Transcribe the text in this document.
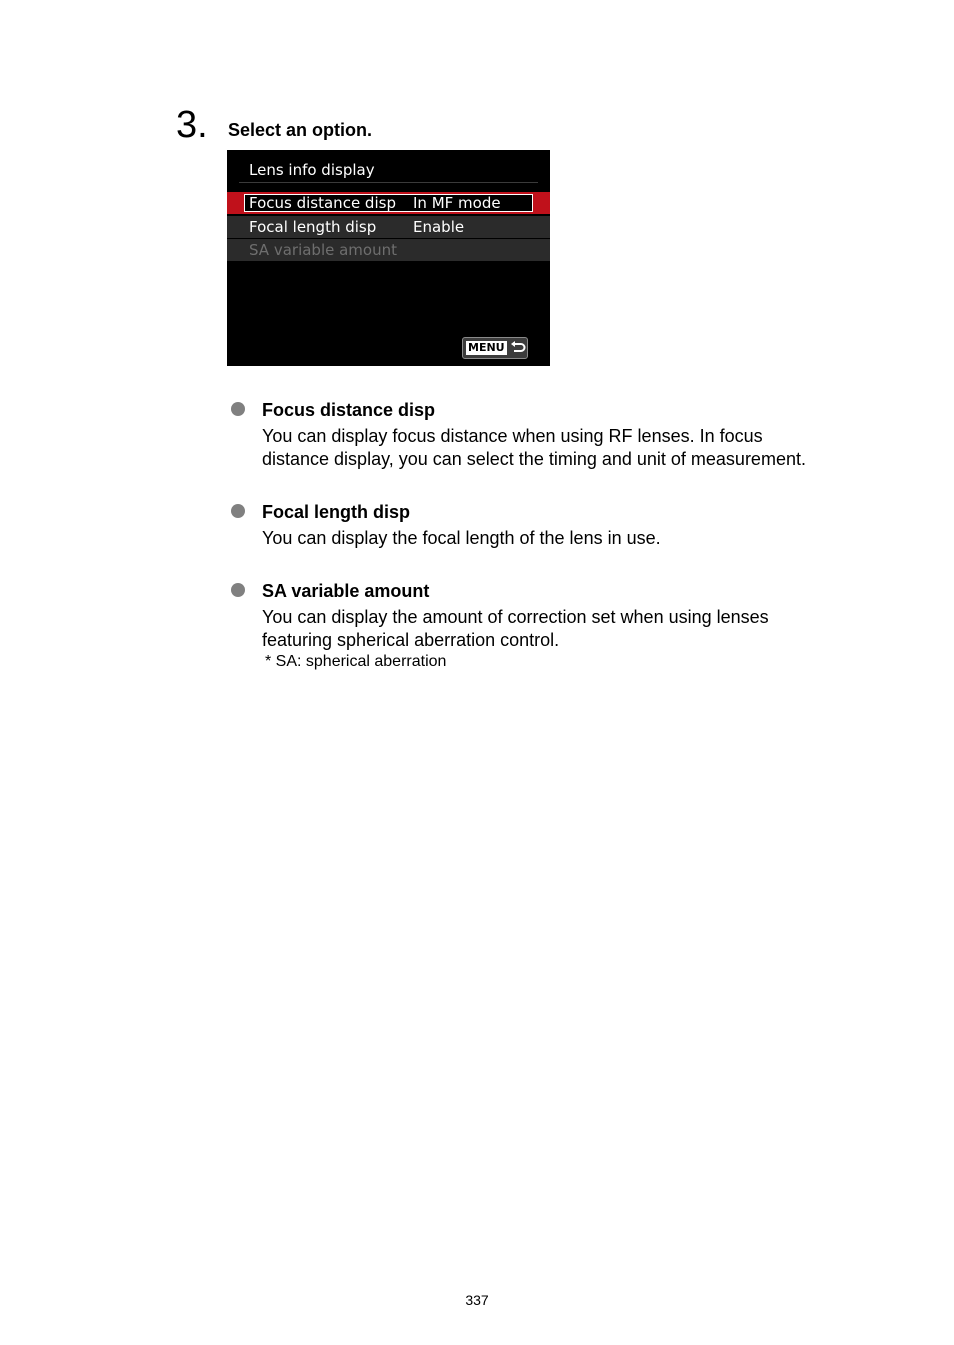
3. Select an option.
Lens info display
Focus distance disp In MF mode
Focal length disp Enable
SA variable amount
MENU
Focus distance disp
You can display focus distance when using RF lenses. In focus
distance display, you can select the timing and unit of measurement.
Focal length disp
You can display the focal length of the lens in use.
SA variable amount
You can display the amount of correction set when using lenses
featuring spherical aberration control.
* SA: spherical aberration
337
